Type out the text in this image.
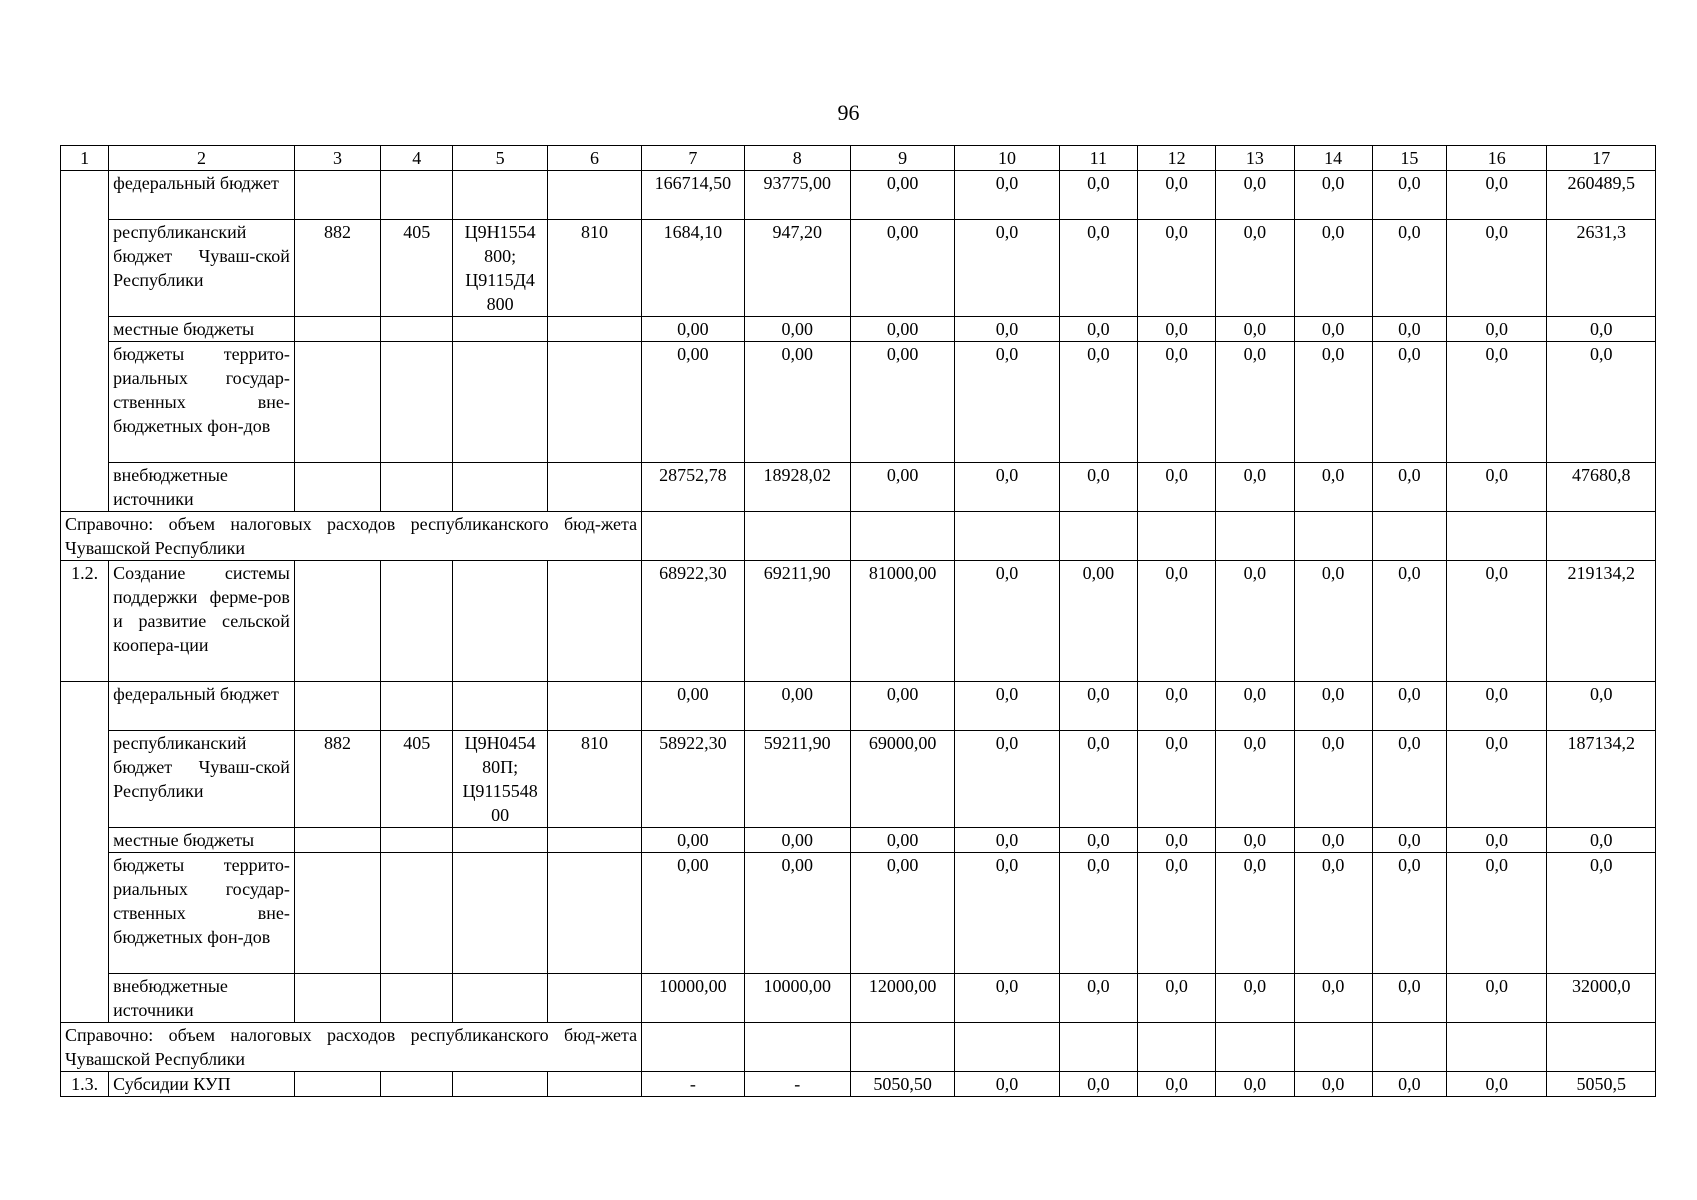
96
1	2	3	4	5	6	7	8	9	10	11	12	13	14	15	16	17
	федеральный бюджет					166714,50	93775,00	0,00	0,0	0,0	0,0	0,0	0,0	0,0	0,0	260489,5
	республиканский бюджет Чуваш-ской Республики	882	405	Ц9Н1554 800; Ц9115Д4 800	810	1684,10	947,20	0,00	0,0	0,0	0,0	0,0	0,0	0,0	0,0	2631,3
	местные бюджеты					0,00	0,00	0,00	0,0	0,0	0,0	0,0	0,0	0,0	0,0	0,0
	бюджеты террито-риальных государ-ственных вне-бюджетных фон-дов					0,00	0,00	0,00	0,0	0,0	0,0	0,0	0,0	0,0	0,0	0,0
	внебюджетные источники					28752,78	18928,02	0,00	0,0	0,0	0,0	0,0	0,0	0,0	0,0	47680,8
Справочно: объем налоговых расходов республиканского бюд-жета Чувашской Республики																
1.2.	Создание системы поддержки ферме-ров и развитие сельской коопера-ции					68922,30	69211,90	81000,00	0,0	0,00	0,0	0,0	0,0	0,0	0,0	219134,2
	федеральный бюджет					0,00	0,00	0,00	0,0	0,0	0,0	0,0	0,0	0,0	0,0	0,0
	республиканский бюджет Чуваш-ской Республики	882	405	Ц9Н0454 80П; Ц9115548 00	810	58922,30	59211,90	69000,00	0,0	0,0	0,0	0,0	0,0	0,0	0,0	187134,2
	местные бюджеты					0,00	0,00	0,00	0,0	0,0	0,0	0,0	0,0	0,0	0,0	0,0
	бюджеты террито-риальных государ-ственных вне-бюджетных фон-дов					0,00	0,00	0,00	0,0	0,0	0,0	0,0	0,0	0,0	0,0	0,0
	внебюджетные источники					10000,00	10000,00	12000,00	0,0	0,0	0,0	0,0	0,0	0,0	0,0	32000,0
Справочно: объем налоговых расходов республиканского бюд-жета Чувашской Республики																
1.3.	Субсидии КУП					-	-	5050,50	0,0	0,0	0,0	0,0	0,0	0,0	0,0	5050,5
